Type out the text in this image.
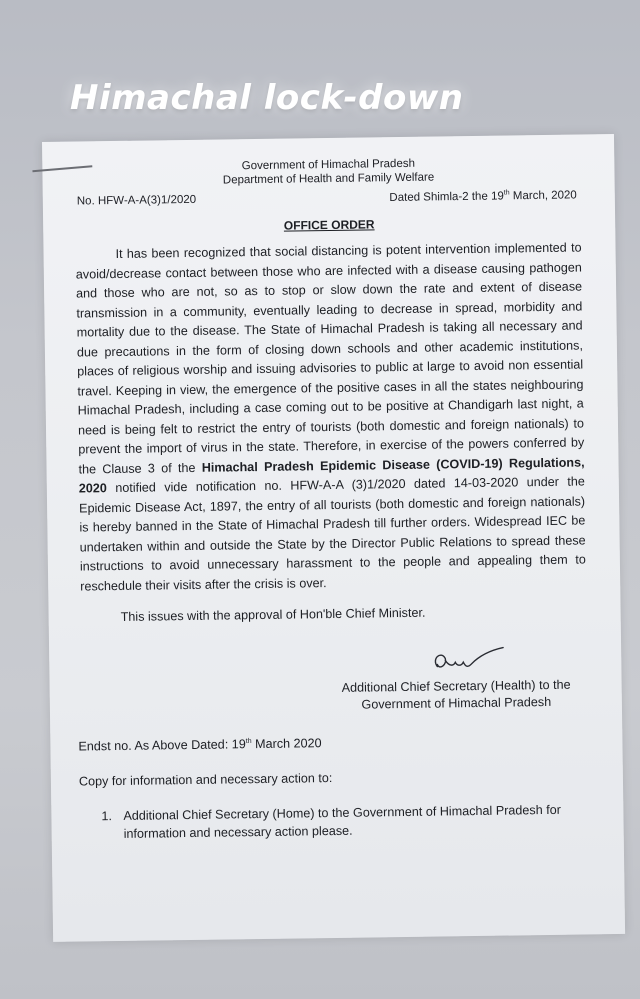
Himachal lock-down
Government of Himachal Pradesh
Department of Health and Family Welfare
No. HFW-A-A(3)1/2020	Dated Shimla-2 the 19th March, 2020
OFFICE ORDER

It has been recognized that social distancing is potent intervention implemented to avoid/decrease contact between those who are infected with a disease causing pathogen and those who are not, so as to stop or slow down the rate and extent of disease transmission in a community, eventually leading to decrease in spread, morbidity and mortality due to the disease. The State of Himachal Pradesh is taking all necessary and due precautions in the form of closing down schools and other academic institutions, places of religious worship and issuing advisories to public at large to avoid non essential travel. Keeping in view, the emergence of the positive cases in all the states neighbouring Himachal Pradesh, including a case coming out to be positive at Chandigarh last night, a need is being felt to restrict the entry of tourists (both domestic and foreign nationals) to prevent the import of virus in the state. Therefore, in exercise of the powers conferred by the Clause 3 of the Himachal Pradesh Epidemic Disease (COVID-19) Regulations, 2020 notified vide notification no. HFW-A-A (3)1/2020 dated 14-03-2020 under the Epidemic Disease Act, 1897, the entry of all tourists (both domestic and foreign nationals) is hereby banned in the State of Himachal Pradesh till further orders. Widespread IEC be undertaken within and outside the State by the Director Public Relations to spread these instructions to avoid unnecessary harassment to the people and appealing them to reschedule their visits after the crisis is over.

This issues with the approval of Hon'ble Chief Minister.

Additional Chief Secretary (Health) to the
Government of Himachal Pradesh

Endst no. As Above Dated: 19th March 2020

Copy for information and necessary action to:

1. Additional Chief Secretary (Home) to the Government of Himachal Pradesh for information and necessary action please.
